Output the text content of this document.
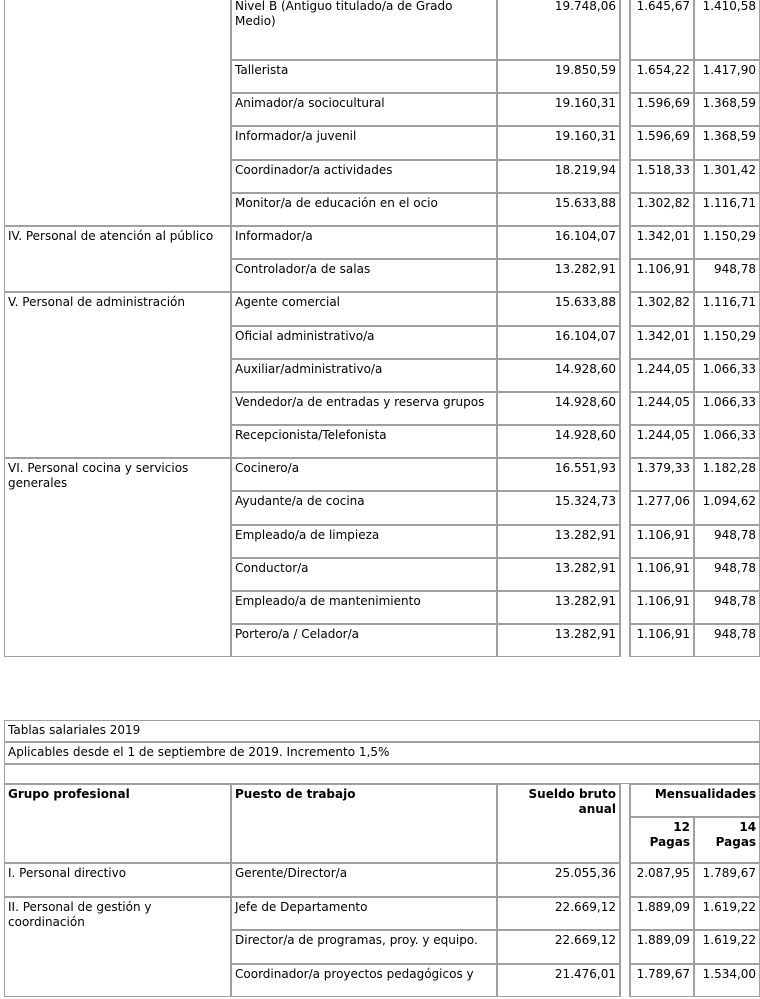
	Nivel B (Antiguo titulado/a de Grado Medio)	19.748,06		1.645,67	1.410,58
	Tallerista	19.850,59		1.654,22	1.417,90
	Animador/a sociocultural	19.160,31		1.596,69	1.368,59
	Informador/a juvenil	19.160,31		1.596,69	1.368,59
	Coordinador/a actividades	18.219,94		1.518,33	1.301,42
	Monitor/a de educación en el ocio	15.633,88		1.302,82	1.116,71
IV. Personal de atención al público	Informador/a	16.104,07		1.342,01	1.150,29
	Controlador/a de salas	13.282,91		1.106,91	948,78
V. Personal de administración	Agente comercial	15.633,88		1.302,82	1.116,71
	Oficial administrativo/a	16.104,07		1.342,01	1.150,29
	Auxiliar/administrativo/a	14.928,60		1.244,05	1.066,33
	Vendedor/a de entradas y reserva grupos	14.928,60		1.244,05	1.066,33
	Recepcionista/Telefonista	14.928,60		1.244,05	1.066,33
VI. Personal cocina y servicios generales	Cocinero/a	16.551,93		1.379,33	1.182,28
	Ayudante/a de cocina	15.324,73		1.277,06	1.094,62
	Empleado/a de limpieza	13.282,91		1.106,91	948,78
	Conductor/a	13.282,91		1.106,91	948,78
	Empleado/a de mantenimiento	13.282,91		1.106,91	948,78
	Portero/a / Celador/a	13.282,91		1.106,91	948,78
Tablas salariales 2019					
Aplicables desde el 1 de septiembre de 2019. Incremento 1,5%					

Grupo profesional	Puesto de trabajo	Sueldo bruto anual		Mensualidades	
				12 Pagas	14 Pagas
I. Personal directivo	Gerente/Director/a	25.055,36		2.087,95	1.789,67
II. Personal de gestión y coordinación	Jefe de Departamento	22.669,12		1.889,09	1.619,22
	Director/a de programas, proy. y equipo.	22.669,12		1.889,09	1.619,22
	Coordinador/a proyectos pedagógicos y	21.476,01		1.789,67	1.534,00
